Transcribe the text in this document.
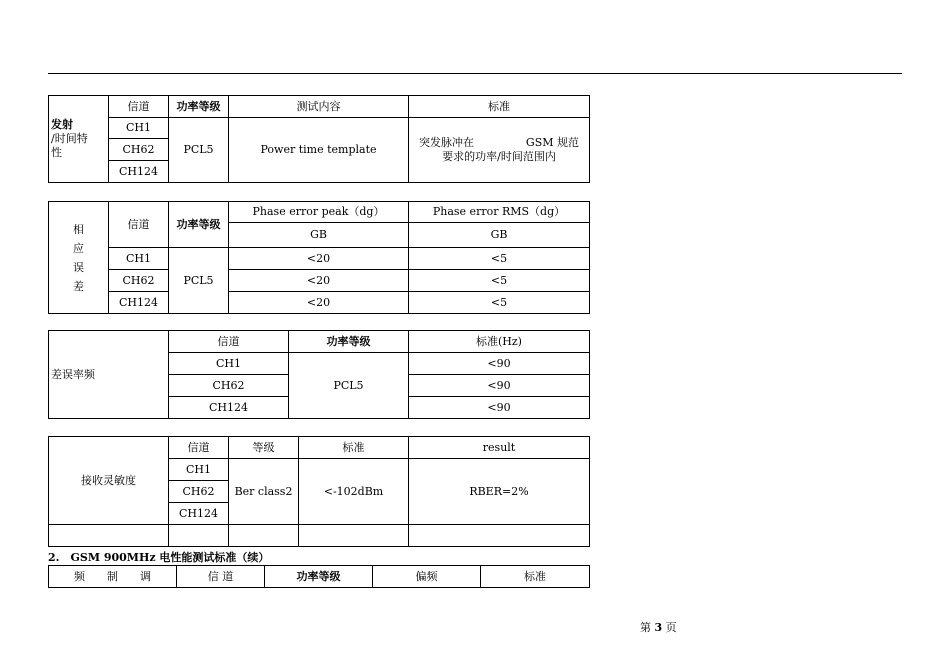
发射
/时间特
性	信道	功率等级	测试内容	标准
	CH1	PCL5	Power time template	突发脉冲在 GSM 规范
要求的功率/时间范围内

	CH62			
	CH124			
相
应
误
差	信道	功率等级	Phase error peak（dg）	Phase error RMS（dg）
			GB	GB
	CH1	PCL5	<20	<5
	CH62		<20	<5
	CH124		<20	<5
差误率频	信道	功率等级	标准(Hz)
	CH1	PCL5	<90
	CH62		<90
	CH124		<90
接收灵敏度	信道	等级	标准	result
	CH1	Ber class2	<-102dBm	RBER=2%
	CH62			
	CH124			

2.　GSM 900MHz 电性能测试标准（续）
频　　制　　调	信 道	功率等级	偏频	标准
第 3 页
